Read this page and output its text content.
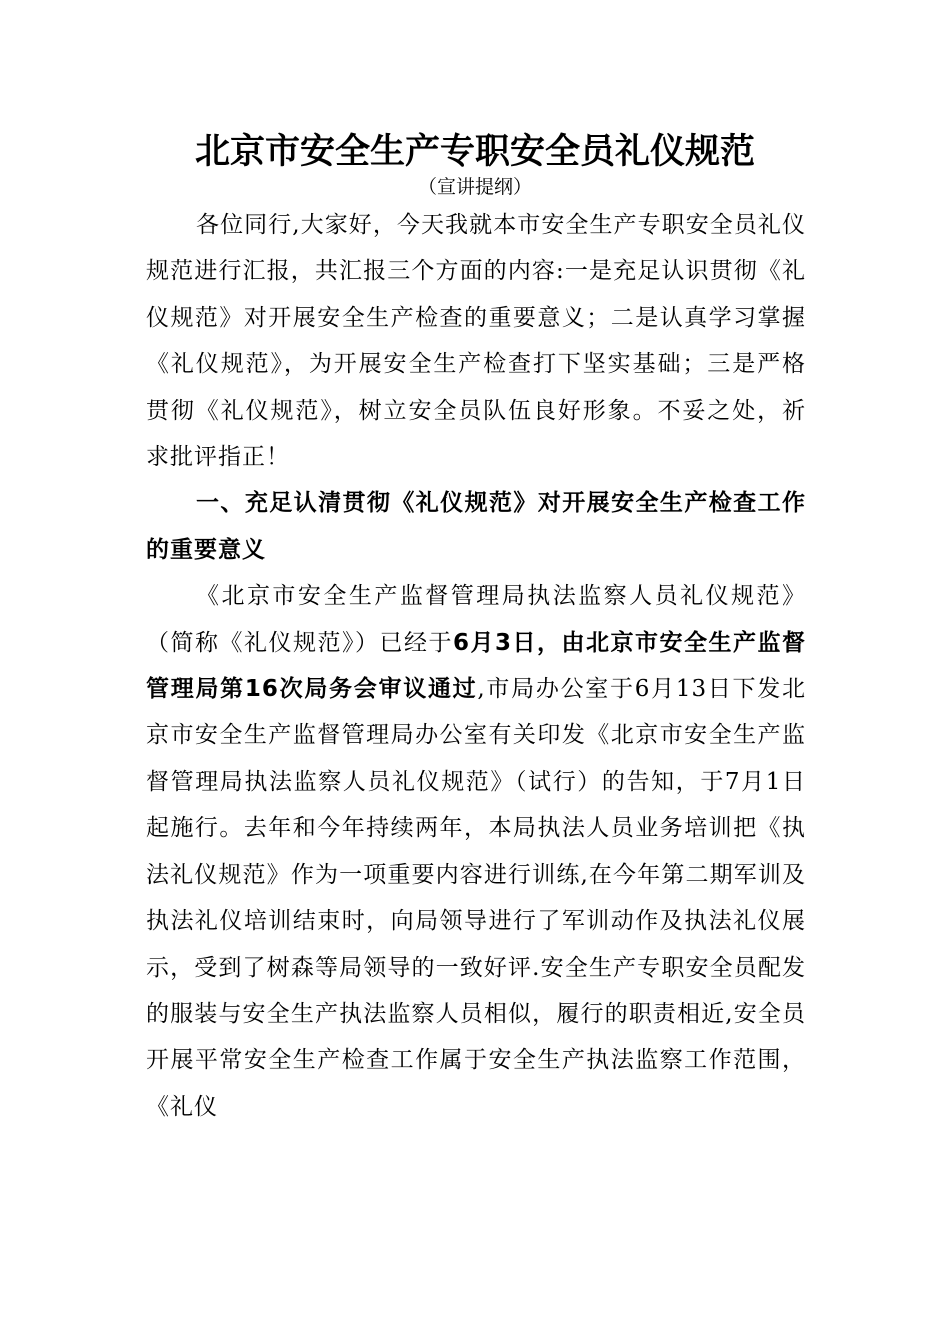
北京市安全生产专职安全员礼仪规范
（宣讲提纲）

各位同行,大家好，今天我就本市安全生产专职安全员礼仪规范进行汇报，共汇报三个方面的内容:一是充足认识贯彻《礼仪规范》对开展安全生产检查的重要意义；二是认真学习掌握《礼仪规范》，为开展安全生产检查打下坚实基础；三是严格贯彻《礼仪规范》，树立安全员队伍良好形象。不妥之处，祈求批评指正！

一、充足认清贯彻《礼仪规范》对开展安全生产检查工作的重要意义

《北京市安全生产监督管理局执法监察人员礼仪规范》（简称《礼仪规范》）已经于6月3日，由北京市安全生产监督管理局第16次局务会审议通过,市局办公室于6月13日下发北京市安全生产监督管理局办公室有关印发《北京市安全生产监督管理局执法监察人员礼仪规范》（试行）的告知，于7月1日起施行。去年和今年持续两年，本局执法人员业务培训把《执法礼仪规范》作为一项重要内容进行训练,在今年第二期军训及执法礼仪培训结束时，向局领导进行了军训动作及执法礼仪展示，受到了树森等局领导的一致好评.安全生产专职安全员配发的服装与安全生产执法监察人员相似，履行的职责相近,安全员开展平常安全生产检查工作属于安全生产执法监察工作范围，《礼仪
